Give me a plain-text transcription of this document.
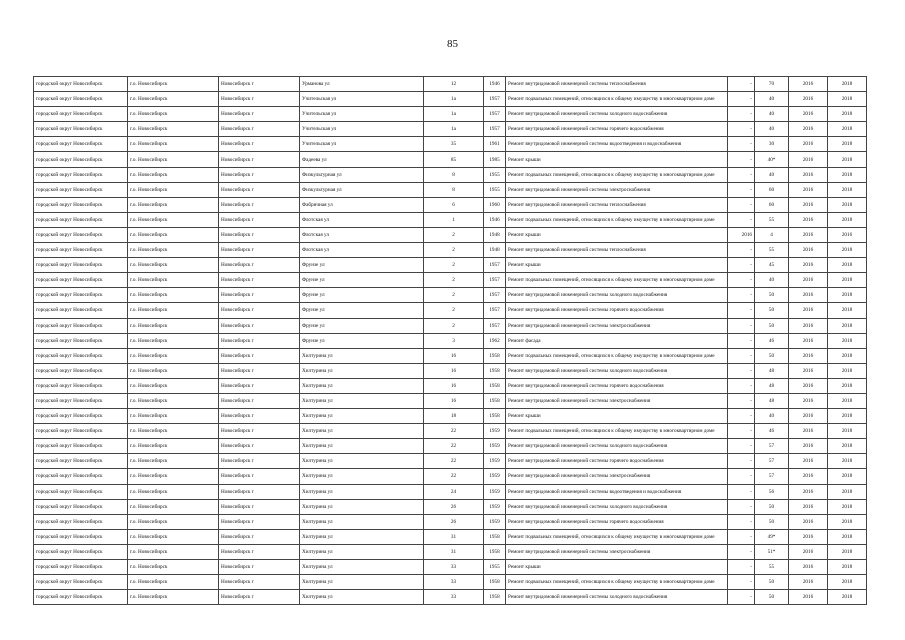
85
городской округ Новосибирск	г.о. Новосибирск	Новосибирск г	Урманова ул	12	1946	Ремонт внутридомовой инженерной системы теплоснабжения	-	70	2016	2018
городской округ Новосибирск	г.о. Новосибирск	Новосибирск г	Учительская ул	1а	1957	Ремонт подвальных помещений, относящихся к общему имуществу в многоквартирном доме	-	40	2016	2018
городской округ Новосибирск	г.о. Новосибирск	Новосибирск г	Учительская ул	1а	1957	Ремонт внутридомовой инженерной системы холодного водоснабжения	-	40	2016	2018
городской округ Новосибирск	г.о. Новосибирск	Новосибирск г	Учительская ул	1а	1957	Ремонт внутридомовой инженерной системы горячего водоснабжения	-	40	2016	2018
городской округ Новосибирск	г.о. Новосибирск	Новосибирск г	Учительская ул	35	1961	Ремонт внутридомовой инженерной системы водоотведения и водоснабжения	-	30	2016	2018
городской округ Новосибирск	г.о. Новосибирск	Новосибирск г	Фадеева ул	85	1985	Ремонт крыши	-	40*	2016	2018
городской округ Новосибирск	г.о. Новосибирск	Новосибирск г	Физкультурная ул	8	1955	Ремонт подвальных помещений, относящихся к общему имуществу в многоквартирном доме	-	40	2016	2018
городской округ Новосибирск	г.о. Новосибирск	Новосибирск г	Физкультурная ул	8	1955	Ремонт внутридомовой инженерной системы электроснабжения	-	60	2016	2018
городской округ Новосибирск	г.о. Новосибирск	Новосибирск г	Фабричная ул	6	1960	Ремонт внутридомовой инженерной системы теплоснабжения	-	60	2016	2018
городской округ Новосибирск	г.о. Новосибирск	Новосибирск г	Флотская ул	1	1946	Ремонт подвальных помещений, относящихся к общему имуществу в многоквартирном доме	-	55	2016	2018
городской округ Новосибирск	г.о. Новосибирск	Новосибирск г	Флотская ул	2	1948	Ремонт крыши	2016	4	2016	2016
городской округ Новосибирск	г.о. Новосибирск	Новосибирск г	Флотская ул	2	1948	Ремонт внутридомовой инженерной системы теплоснабжения	-	55	2016	2018
городской округ Новосибирск	г.о. Новосибирск	Новосибирск г	Фрунзе ул	2	1957	Ремонт крыши	-	45	2016	2018
городской округ Новосибирск	г.о. Новосибирск	Новосибирск г	Фрунзе ул	2	1957	Ремонт подвальных помещений, относящихся к общему имуществу в многоквартирном доме	-	40	2016	2018
городской округ Новосибирск	г.о. Новосибирск	Новосибирск г	Фрунзе ул	2	1957	Ремонт внутридомовой инженерной системы холодного водоснабжения	-	50	2016	2018
городской округ Новосибирск	г.о. Новосибирск	Новосибирск г	Фрунзе ул	2	1957	Ремонт внутридомовой инженерной системы горячего водоснабжения	-	50	2016	2018
городской округ Новосибирск	г.о. Новосибирск	Новосибирск г	Фрунзе ул	2	1957	Ремонт внутридомовой инженерной системы электроснабжения	-	50	2016	2018
городской округ Новосибирск	г.о. Новосибирск	Новосибирск г	Фрунзе ул	3	1962	Ремонт фасада	-	46	2016	2018
городской округ Новосибирск	г.о. Новосибирск	Новосибирск г	Хилтурина ул	16	1958	Ремонт подвальных помещений, относящихся к общему имуществу в многоквартирном доме	-	50	2016	2018
городской округ Новосибирск	г.о. Новосибирск	Новосибирск г	Хилтурина ул	16	1958	Ремонт внутридомовой инженерной системы холодного водоснабжения	-	48	2016	2018
городской округ Новосибирск	г.о. Новосибирск	Новосибирск г	Хилтурина ул	16	1958	Ремонт внутридомовой инженерной системы горячего водоснабжения	-	48	2016	2018
городской округ Новосибирск	г.о. Новосибирск	Новосибирск г	Хилтурина ул	16	1958	Ремонт внутридомовой инженерной системы электроснабжения	-	48	2016	2018
городской округ Новосибирск	г.о. Новосибирск	Новосибирск г	Хилтурина ул	18	1958	Ремонт крыши	-	40	2016	2018
городской округ Новосибирск	г.о. Новосибирск	Новосибирск г	Хилтурина ул	22	1959	Ремонт подвальных помещений, относящихся к общему имуществу в многоквартирном доме	-	46	2016	2018
городской округ Новосибирск	г.о. Новосибирск	Новосибирск г	Хилтурина ул	22	1959	Ремонт внутридомовой инженерной системы холодного водоснабжения	-	57	2016	2018
городской округ Новосибирск	г.о. Новосибирск	Новосибирск г	Хилтурина ул	22	1959	Ремонт внутридомовой инженерной системы горячего водоснабжения	-	57	2016	2018
городской округ Новосибирск	г.о. Новосибирск	Новосибирск г	Хилтурина ул	22	1959	Ремонт внутридомовой инженерной системы электроснабжения	-	57	2016	2018
городской округ Новосибирск	г.о. Новосибирск	Новосибирск г	Хилтурина ул	24	1959	Ремонт внутридомовой инженерной системы водоотведения и водоснабжения	-	56	2016	2018
городской округ Новосибирск	г.о. Новосибирск	Новосибирск г	Хилтурина ул	26	1959	Ремонт внутридомовой инженерной системы холодного водоснабжения	-	50	2016	2018
городской округ Новосибирск	г.о. Новосибирск	Новосибирск г	Хилтурина ул	26	1959	Ремонт внутридомовой инженерной системы горячего водоснабжения	-	50	2016	2018
городской округ Новосибирск	г.о. Новосибирск	Новосибирск г	Хилтурина ул	31	1958	Ремонт подвальных помещений, относящихся к общему имуществу в многоквартирном доме	-	49*	2016	2018
городской округ Новосибирск	г.о. Новосибирск	Новосибирск г	Хилтурина ул	31	1958	Ремонт внутридомовой инженерной системы электроснабжения	-	51*	2016	2018
городской округ Новосибирск	г.о. Новосибирск	Новосибирск г	Хилтурина ул	33	1955	Ремонт крыши	-	55	2016	2018
городской округ Новосибирск	г.о. Новосибирск	Новосибирск г	Хилтурина ул	33	1958	Ремонт подвальных помещений, относящихся к общему имуществу в многоквартирном доме	-	50	2016	2018
городской округ Новосибирск	г.о. Новосибирск	Новосибирск г	Хилтурина ул	33	1958	Ремонт внутридомовой инженерной системы холодного водоснабжения	-	50	2016	2018
